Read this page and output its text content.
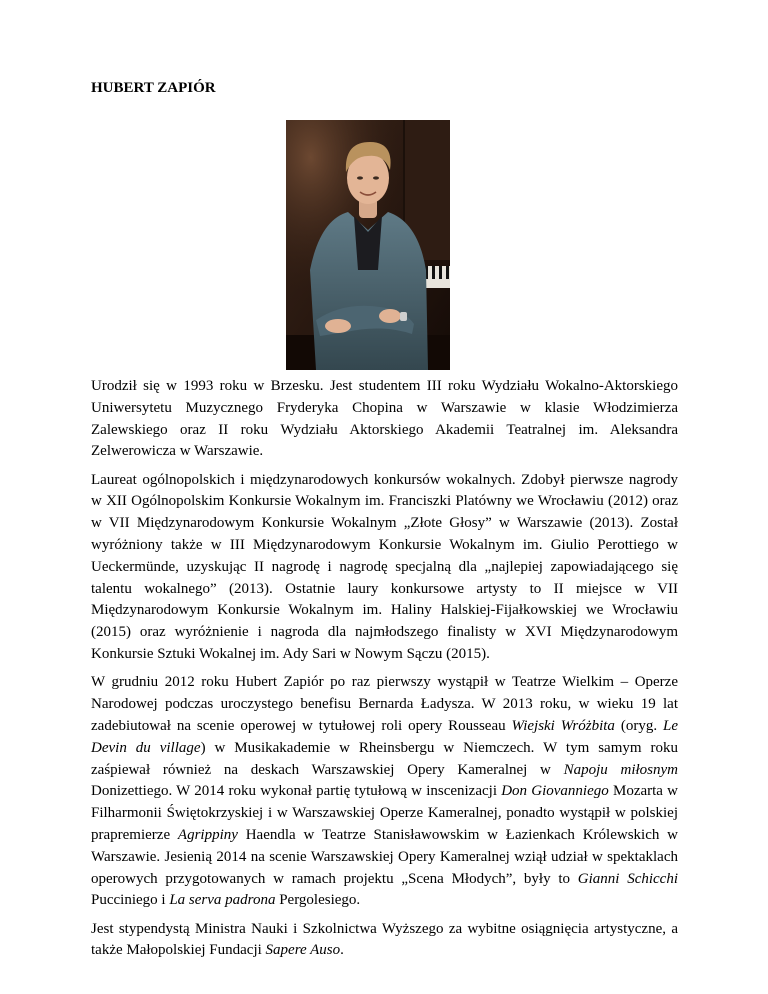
HUBERT ZAPIÓR

Urodził się w 1993 roku w Brzesku. Jest studentem III roku Wydziału Wokalno-Aktorskiego Uniwersytetu Muzycznego Fryderyka Chopina w Warszawie w klasie Włodzimierza Zalewskiego oraz II roku Wydziału Aktorskiego Akademii Teatralnej im. Aleksandra Zelwerowicza w Warszawie.

Laureat ogólnopolskich i międzynarodowych konkursów wokalnych. Zdobył pierwsze nagrody w XII Ogólnopolskim Konkursie Wokalnym im. Franciszki Platówny we Wrocławiu (2012) oraz w VII Międzynarodowym Konkursie Wokalnym „Złote Głosy” w Warszawie (2013). Został wyróżniony także w III Międzynarodowym Konkursie Wokalnym im. Giulio Perottiego w Ueckermünde, uzyskując II nagrodę i nagrodę specjalną dla „najlepiej zapowiadającego się talentu wokalnego” (2013). Ostatnie laury konkursowe artysty to II miejsce w VII Międzynarodowym Konkursie Wokalnym im. Haliny Halskiej-Fijałkowskiej we Wrocławiu (2015) oraz wyróżnienie i nagroda dla najmłodszego finalisty w XVI Międzynarodowym Konkursie Sztuki Wokalnej im. Ady Sari w Nowym Sączu (2015).

W grudniu 2012 roku Hubert Zapiór po raz pierwszy wystąpił w Teatrze Wielkim – Operze Narodowej podczas uroczystego benefisu Bernarda Ładysza. W 2013 roku, w wieku 19 lat zadebiutował na scenie operowej w tytułowej roli opery Rousseau Wiejski Wróżbita (oryg. Le Devin du village) w Musikakademie w Rheinsbergu w Niemczech. W tym samym roku zaśpiewał również na deskach Warszawskiej Opery Kameralnej w Napoju miłosnym Donizettiego. W 2014 roku wykonał partię tytułową w inscenizacji Don Giovanniego Mozarta w Filharmonii Świętokrzyskiej i w Warszawskiej Operze Kameralnej, ponadto wystąpił w polskiej prapremierze Agrippiny Haendla w Teatrze Stanisławowskim w Łazienkach Królewskich w Warszawie. Jesienią 2014 na scenie Warszawskiej Opery Kameralnej wziął udział w spektaklach operowych przygotowanych w ramach projektu „Scena Młodych”, były to Gianni Schicchi Pucciniego i La serva padrona Pergolesiego.

Jest stypendystą Ministra Nauki i Szkolnictwa Wyższego za wybitne osiągnięcia artystyczne, a także Małopolskiej Fundacji Sapere Auso.
